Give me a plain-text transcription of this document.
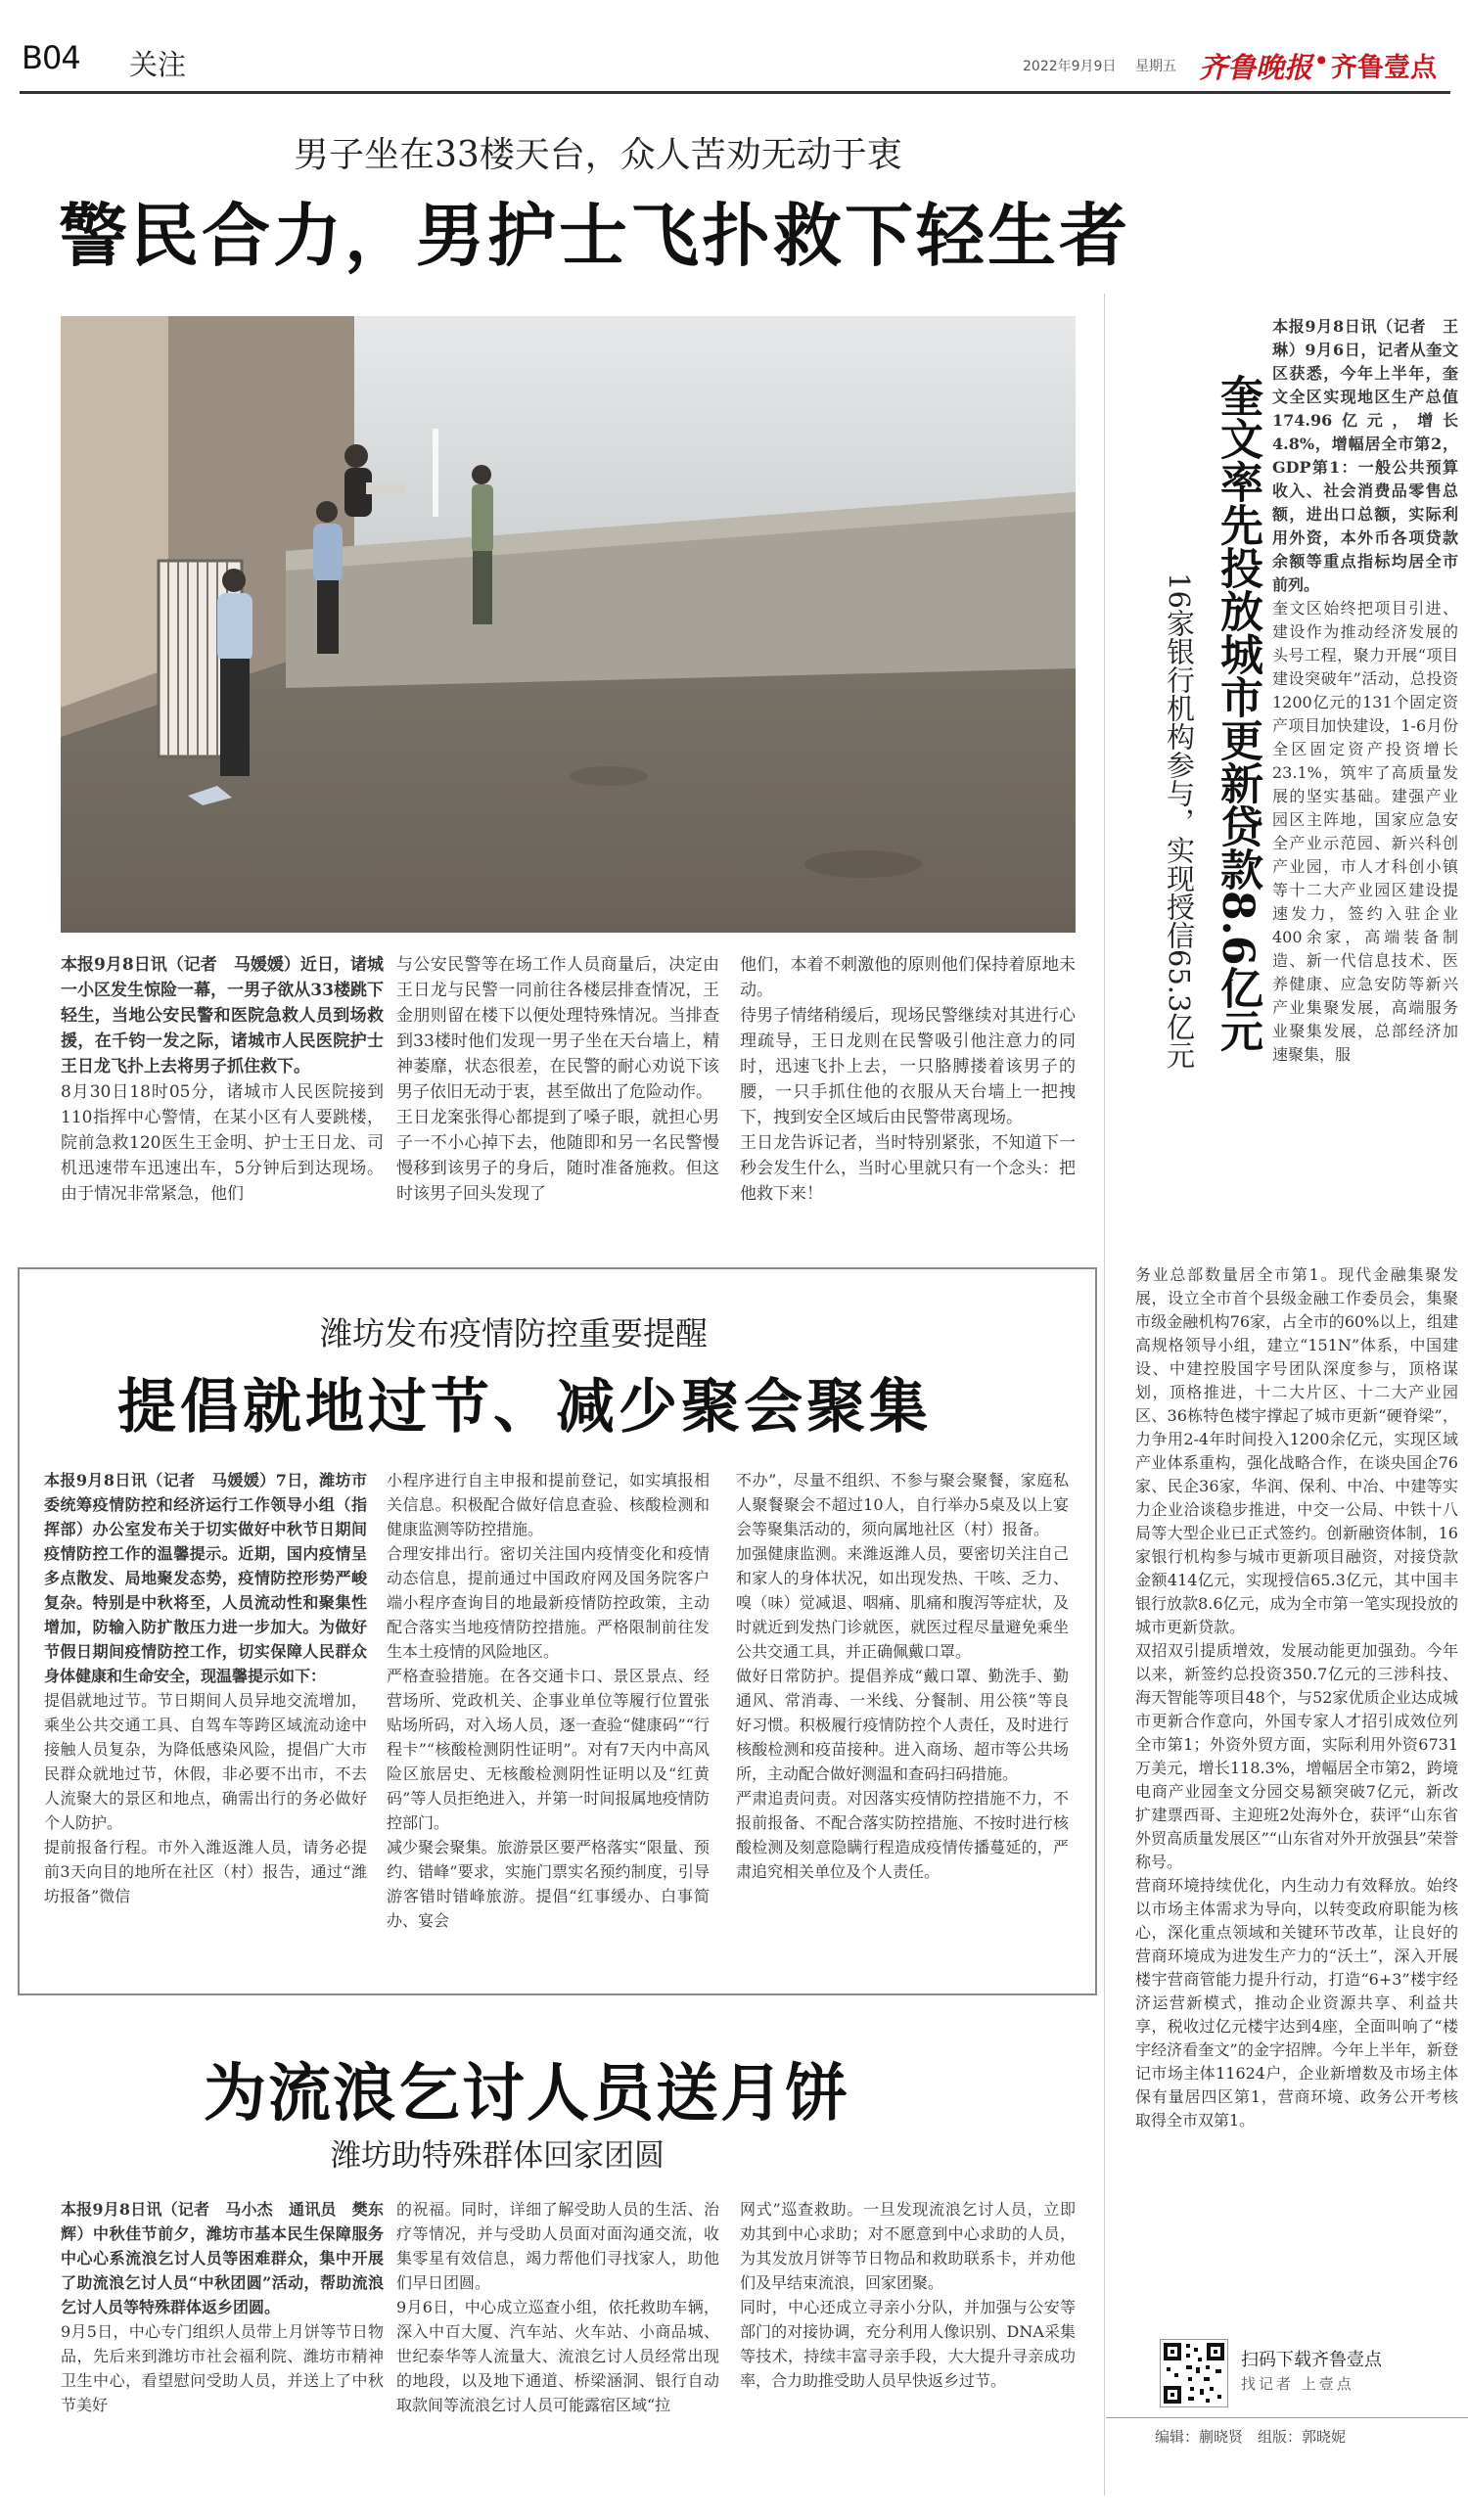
B04 关注	2022年9月9日 星期五 齐鲁晚报 • 齐鲁壹点
男子坐在33楼天台，众人苦劝无动于衷
警民合力，男护士飞扑救下轻生者

本报9月8日讯（记者　马媛媛）近日，诸城一小区发生惊险一幕，一男子欲从33楼跳下轻生，当地公安民警和医院急救人员到场救援，在千钧一发之际，诸城市人民医院护士王日龙飞扑上去将男子抓住救下。

8月30日18时05分，诸城市人民医院接到110指挥中心警情，在某小区有人要跳楼，院前急救120医生王金明、护士王日龙、司机迅速带车迅速出车，5分钟后到达现场。由于情况非常紧急，他们

与公安民警等在场工作人员商量后，决定由王日龙与民警一同前往各楼层排查情况，王金朋则留在楼下以便处理特殊情况。当排查到33楼时他们发现一男子坐在天台墙上，精神萎靡，状态很差，在民警的耐心劝说下该男子依旧无动于衷，甚至做出了危险动作。

王日龙案张得心都提到了嗓子眼，就担心男子一不小心掉下去，他随即和另一名民警慢慢移到该男子的身后，随时准备施救。但这时该男子回头发现了

他们，本着不刺激他的原则他们保持着原地未动。

待男子情绪稍缓后，现场民警继续对其进行心理疏导，王日龙则在民警吸引他注意力的同时，迅速飞扑上去，一只胳膊搂着该男子的腰，一只手抓住他的衣服从天台墙上一把拽下，拽到安全区域后由民警带离现场。

王日龙告诉记者，当时特别紧张，不知道下一秒会发生什么，当时心里就只有一个念头：把他救下来！

奎文率先投放城市更新贷款8.6亿元
16家银行机构参与，实现授信65.3亿元

本报9月8日讯（记者　王琳）9月6日，记者从奎文区获悉，今年上半年，奎文全区实现地区生产总值174.96亿元，增长4.8%，增幅居全市第2，GDP第1：一般公共预算收入、社会消费品零售总额，进出口总额，实际利用外资，本外币各项贷款余额等重点指标均居全市前列。

奎文区始终把项目引进、建设作为推动经济发展的头号工程，聚力开展“项目建设突破年”活动，总投资1200亿元的131个固定资产项目加快建设，1-6月份全区固定资产投资增长23.1%，筑牢了高质量发展的坚实基础。建强产业园区主阵地，国家应急安全产业示范园、新兴科创产业园，市人才科创小镇等十二大产业园区建设提速发力，签约入驻企业400余家，高端装备制造、新一代信息技术、医养健康、应急安防等新兴产业集聚发展，高端服务业聚集发展，总部经济加速聚集，服

务业总部数量居全市第1。现代金融集聚发展，设立全市首个县级金融工作委员会，集聚市级金融机构76家，占全市的60%以上，组建高规格领导小组，建立“151N”体系，中国建设、中建控股国字号团队深度参与，顶格谋划，顶格推进，十二大片区、十二大产业园区、36栋特色楼宇撑起了城市更新“硬脊梁”，力争用2-4年时间投入1200余亿元，实现区域产业体系重构，强化战略合作，在谈央国企76家、民企36家，华润、保利、中冶、中建等实力企业洽谈稳步推进，中交一公局、中铁十八局等大型企业已正式签约。创新融资体制，16家银行机构参与城市更新项目融资，对接贷款金额414亿元，实现授信65.3亿元，其中国丰银行放款8.6亿元，成为全市第一笔实现投放的城市更新贷款。

双招双引提质增效，发展动能更加强劲。今年以来，新签约总投资350.7亿元的三涉科技、海天智能等项目48个，与52家优质企业达成城市更新合作意向，外国专家人才招引成效位列全市第1；外资外贸方面，实际利用外资6731万美元，增长118.3%，增幅居全市第2，跨境电商产业园奎文分园交易额突破7亿元，新改扩建票西哥、主迎班2处海外仓，获评“山东省外贸高质量发展区”“山东省对外开放强县”荣誉称号。

营商环境持续优化，内生动力有效释放。始终以市场主体需求为导向，以转变政府职能为核心，深化重点领域和关键环节改革，让良好的营商环境成为进发生产力的“沃土”，深入开展楼宇营商管能力提升行动，打造“6+3”楼宇经济运营新模式，推动企业资源共享、利益共享，税收过亿元楼宇达到4座，全面叫响了“楼宇经济看奎文”的金字招牌。今年上半年，新登记市场主体11624户，企业新增数及市场主体保有量居四区第1，营商环境、政务公开考核取得全市双第1。

潍坊发布疫情防控重要提醒
提倡就地过节、减少聚会聚集

本报9月8日讯（记者　马媛媛）7日，潍坊市委统筹疫情防控和经济运行工作领导小组（指挥部）办公室发布关于切实做好中秋节日期间疫情防控工作的温馨提示。近期，国内疫情呈多点散发、局地聚发态势，疫情防控形势严峻复杂。特别是中秋将至，人员流动性和聚集性增加，防输入防扩散压力进一步加大。为做好节假日期间疫情防控工作，切实保障人民群众身体健康和生命安全，现温馨提示如下：

提倡就地过节。节日期间人员异地交流增加，乘坐公共交通工具、自驾车等跨区域流动途中接触人员复杂，为降低感染风险，提倡广大市民群众就地过节，休假，非必要不出市，不去人流聚大的景区和地点，确需出行的务必做好个人防护。

提前报备行程。市外入潍返潍人员，请务必提前3天向目的地所在社区（村）报告，通过“潍坊报备”微信

小程序进行自主申报和提前登记，如实填报相关信息。积极配合做好信息查验、核酸检测和健康监测等防控措施。

合理安排出行。密切关注国内疫情变化和疫情动态信息，提前通过中国政府网及国务院客户端小程序查询目的地最新疫情防控政策，主动配合落实当地疫情防控措施。严格限制前往发生本土疫情的风险地区。

严格查验措施。在各交通卡口、景区景点、经营场所、党政机关、企事业单位等履行位置张贴场所码，对入场人员，逐一查验“健康码”“行程卡”“核酸检测阴性证明”。对有7天内中高风险区旅居史、无核酸检测阴性证明以及“红黄码”等人员拒绝进入，并第一时间报属地疫情防控部门。

减少聚会聚集。旅游景区要严格落实“限量、预约、错峰”要求，实施门票实名预约制度，引导游客错时错峰旅游。提倡“红事缓办、白事简办、宴会

不办”，尽量不组织、不参与聚会聚餐，家庭私人聚餐聚会不超过10人，自行举办5桌及以上宴会等聚集活动的，须向属地社区（村）报备。

加强健康监测。来潍返潍人员，要密切关注自己和家人的身体状况，如出现发热、干咳、乏力、嗅（味）觉减退、咽痛、肌痛和腹泻等症状，及时就近到发热门诊就医，就医过程尽量避免乘坐公共交通工具，并正确佩戴口罩。

做好日常防护。提倡养成“戴口罩、勤洗手、勤通风、常消毒、一米线、分餐制、用公筷”等良好习惯。积极履行疫情防控个人责任，及时进行核酸检测和疫苗接种。进入商场、超市等公共场所，主动配合做好测温和查码扫码措施。

严肃追责问责。对因落实疫情防控措施不力，不报前报备、不配合落实防控措施、不按时进行核酸检测及刻意隐瞒行程造成疫情传播蔓延的，严肃追究相关单位及个人责任。

为流浪乞讨人员送月饼
潍坊助特殊群体回家团圆

本报9月8日讯（记者　马小杰　通讯员　樊东辉）中秋佳节前夕，潍坊市基本民生保障服务中心心系流浪乞讨人员等困难群众，集中开展了助流浪乞讨人员“中秋团圆”活动，帮助流浪乞讨人员等特殊群体返乡团圆。

9月5日，中心专门组织人员带上月饼等节日物品，先后来到潍坊市社会福利院、潍坊市精神卫生中心，看望慰问受助人员，并送上了中秋节美好

的祝福。同时，详细了解受助人员的生活、治疗等情况，并与受助人员面对面沟通交流，收集零星有效信息，竭力帮他们寻找家人，助他们早日团圆。

9月6日，中心成立巡查小组，依托救助车辆，深入中百大厦、汽车站、火车站、小商品城、世纪泰华等人流量大、流浪乞讨人员经常出现的地段，以及地下通道、桥梁涵洞、银行自动取款间等流浪乞讨人员可能露宿区域“拉

网式”巡查救助。一旦发现流浪乞讨人员，立即劝其到中心求助；对不愿意到中心求助的人员，为其发放月饼等节日物品和救助联系卡，并劝他们及早结束流浪，回家团聚。

同时，中心还成立寻亲小分队，并加强与公安等部门的对接协调，充分利用人像识别、DNA采集等技术，持续丰富寻亲手段，大大提升寻亲成功率，合力助推受助人员早快返乡过节。

扫码下载齐鲁壹点
找记者 上壹点
编辑：蒯晓贤　组版：郭晓妮
